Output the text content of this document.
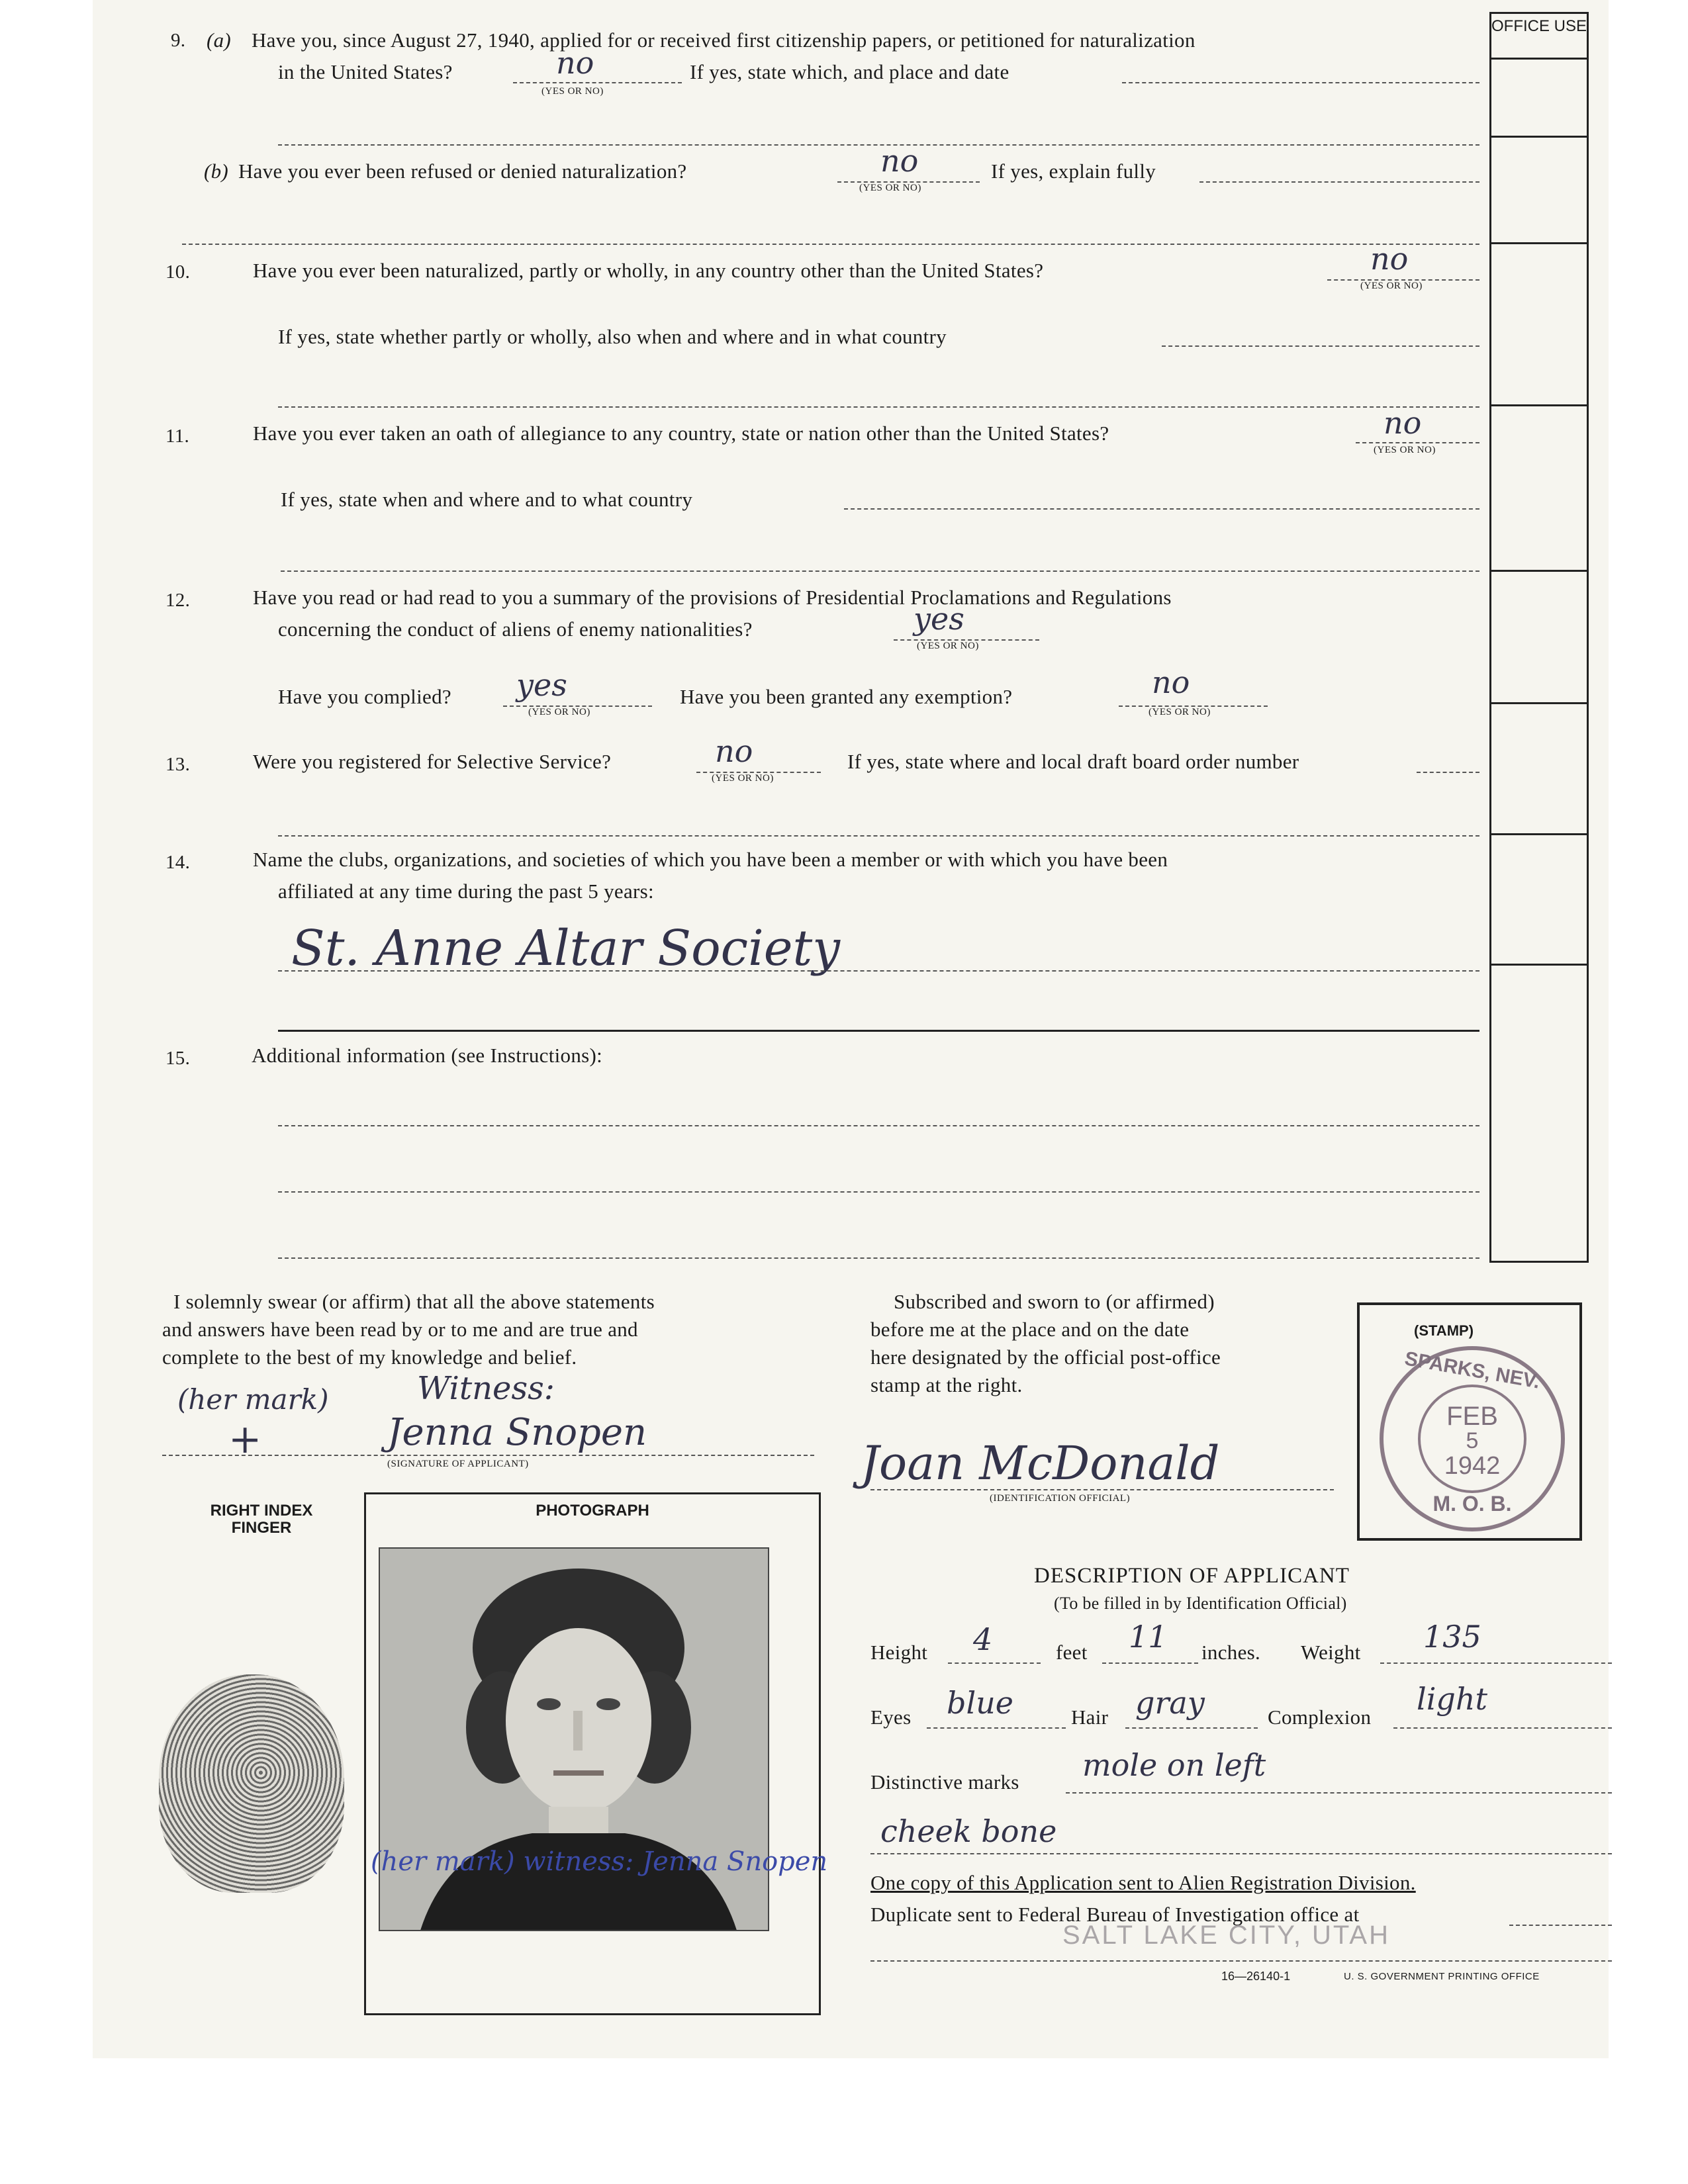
OFFICE USE
9. (a) Have you, since August 27, 1940, applied for or received first citizenship papers, or petitioned for naturalization
in the United States?	no
(YES OR NO)
If yes, state which, and place and date
(b) Have you ever been refused or denied naturalization?	no
(YES OR NO)
If yes, explain fully
10.	Have you ever been naturalized, partly or wholly, in any country other than the United States?	no
(YES OR NO)
If yes, state whether partly or wholly, also when and where and in what country
11.	Have you ever taken an oath of allegiance to any country, state or nation other than the United States?	no
(YES OR NO)
If yes, state when and where and to what country
12.	Have you read or had read to you a summary of the provisions of Presidential Proclamations and Regulations
concerning the conduct of aliens of enemy nationalities?	yes
(YES OR NO)
Have you complied? yes
(YES OR NO)
Have you been granted any exemption?	no
(YES OR NO)
13.	Were you registered for Selective Service?	no
(YES OR NO)
If yes, state where and local draft board order number
14.	Name the clubs, organizations, and societies of which you have been a member or with which you have been
affiliated at any time during the past 5 years:
St. Anne Altar Society
15.	Additional information (see Instructions):
I solemnly swear (or affirm) that all the above statements
and answers have been read by or to me and are true and
complete to the best of my knowledge and belief.
(her mark)
+
Witness:
Jenna Snopen
(SIGNATURE OF APPLICANT)
Subscribed and sworn to (or affirmed)
before me at the place and on the date
here designated by the official post-office
stamp at the right.
Joan McDonald
(IDENTIFICATION OFFICIAL)
(STAMP)
SPARKS, NEV.
FEB
5
1942
M. O. B.
RIGHT INDEX FINGER
PHOTOGRAPH
(her mark) witness: Jenna Snopen
DESCRIPTION OF APPLICANT
(To be filled in by Identification Official)
Height 4	feet 11 inches. Weight 135
Eyes blue	Hair gray	Complexion
light
Distinctive marks mole on left
cheek bone
One copy of this Application sent to Alien Registration Division.
Duplicate sent to Federal Bureau of Investigation office at
SALT LAKE CITY, UTAH
16—26140-1	U. S. GOVERNMENT PRINTING OFFICE
